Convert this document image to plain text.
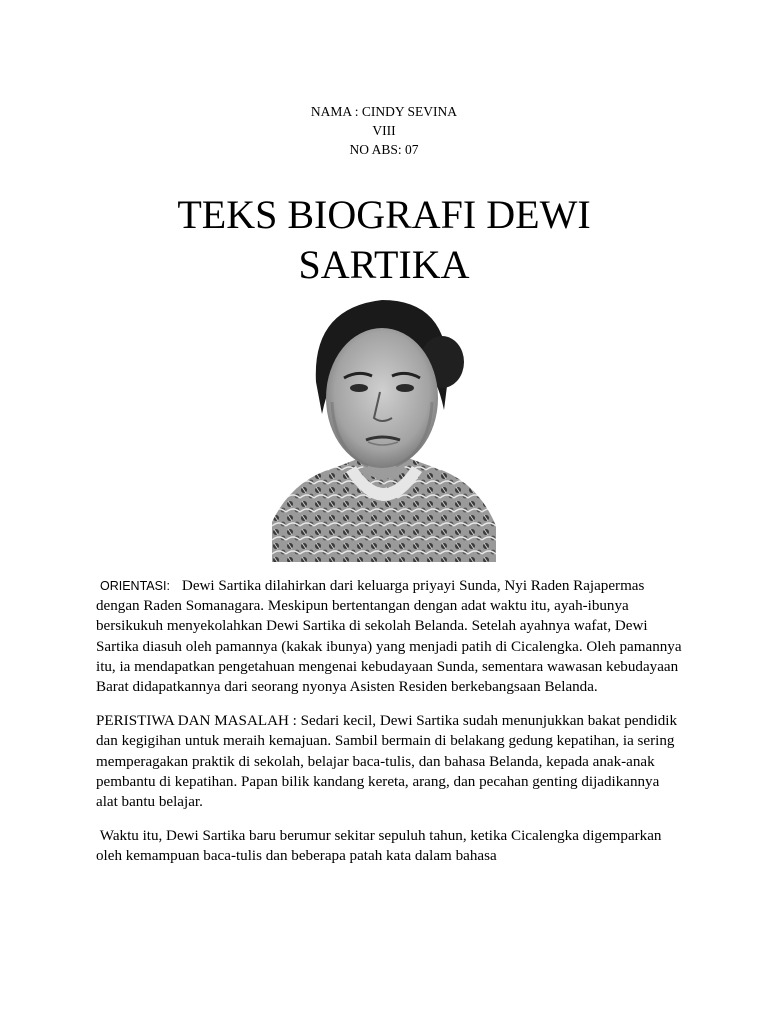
NAMA : CINDY SEVINA
VIII
NO ABS: 07
TEKS BIOGRAFI DEWI
SARTIKA

ORIENTASI: Dewi Sartika dilahirkan dari keluarga priyayi Sunda, Nyi Raden Rajapermas dengan Raden Somanagara. Meskipun bertentangan dengan adat waktu itu, ayah-ibunya bersikukuh menyekolahkan Dewi Sartika di sekolah Belanda. Setelah ayahnya wafat, Dewi Sartika diasuh oleh pamannya (kakak ibunya) yang menjadi patih di Cicalengka. Oleh pamannya itu, ia mendapatkan pengetahuan mengenai kebudayaan Sunda, sementara wawasan kebudayaan Barat didapatkannya dari seorang nyonya Asisten Residen berkebangsaan Belanda.

PERISTIWA DAN MASALAH : Sedari kecil, Dewi Sartika sudah menunjukkan bakat pendidik dan kegigihan untuk meraih kemajuan. Sambil bermain di belakang gedung kepatihan, ia sering memperagakan praktik di sekolah, belajar baca-tulis, dan bahasa Belanda, kepada anak-anak pembantu di kepatihan. Papan bilik kandang kereta, arang, dan pecahan genting dijadikannya alat bantu belajar.

Waktu itu, Dewi Sartika baru berumur sekitar sepuluh tahun, ketika Cicalengka digemparkan oleh kemampuan baca-tulis dan beberapa patah kata dalam bahasa
